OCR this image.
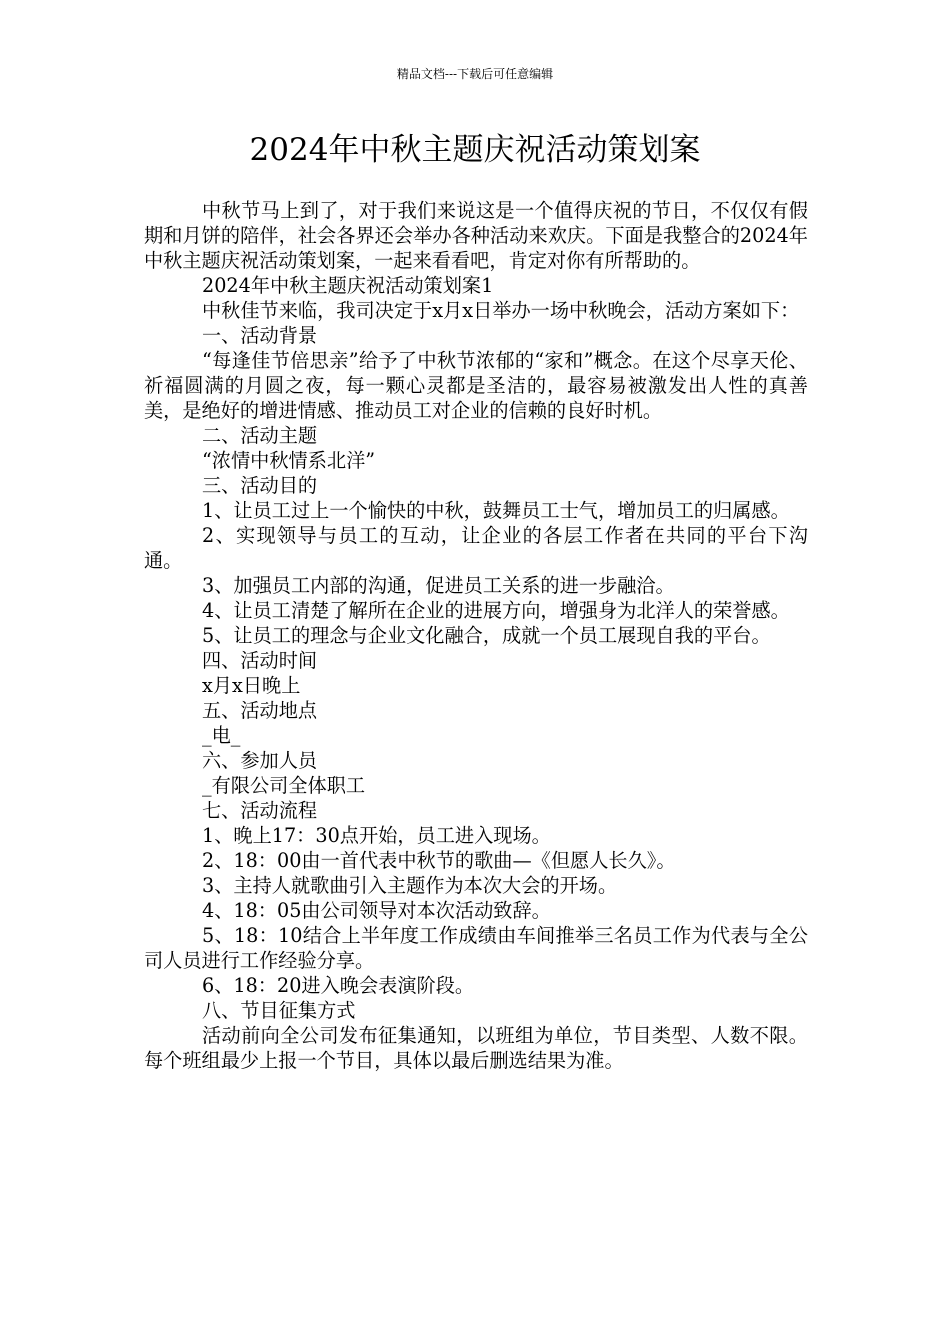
精品文档---下载后可任意编辑
2024年中秋主题庆祝活动策划案

中秋节马上到了，对于我们来说这是一个值得庆祝的节日，不仅仅有假期和月饼的陪伴，社会各界还会举办各种活动来欢庆。下面是我整合的2024年中秋主题庆祝活动策划案，一起来看看吧，肯定对你有所帮助的。

2024年中秋主题庆祝活动策划案1

中秋佳节来临，我司决定于x月x日举办一场中秋晚会，活动方案如下：

一、活动背景

“每逢佳节倍思亲”给予了中秋节浓郁的“家和”概念。在这个尽享天伦、祈福圆满的月圆之夜，每一颗心灵都是圣洁的，最容易被激发出人性的真善美，是绝好的增进情感、推动员工对企业的信赖的良好时机。

二、活动主题

“浓情中秋情系北洋”

三、活动目的

1、让员工过上一个愉快的中秋，鼓舞员工士气，增加员工的归属感。

2、实现领导与员工的互动，让企业的各层工作者在共同的平台下沟通。

3、加强员工内部的沟通，促进员工关系的进一步融洽。

4、让员工清楚了解所在企业的进展方向，增强身为北洋人的荣誉感。

5、让员工的理念与企业文化融合，成就一个员工展现自我的平台。

四、活动时间

x月x日晚上

五、活动地点

_电_

六、参加人员

_有限公司全体职工

七、活动流程

1、晚上17：30点开始，员工进入现场。

2、18：00由一首代表中秋节的歌曲—《但愿人长久》。

3、主持人就歌曲引入主题作为本次大会的开场。

4、18：05由公司领导对本次活动致辞。

5、18：10结合上半年度工作成绩由车间推举三名员工作为代表与全公司人员进行工作经验分享。

6、18：20进入晚会表演阶段。

八、节目征集方式

活动前向全公司发布征集通知，以班组为单位，节目类型、人数不限。每个班组最少上报一个节目，具体以最后删选结果为准。
